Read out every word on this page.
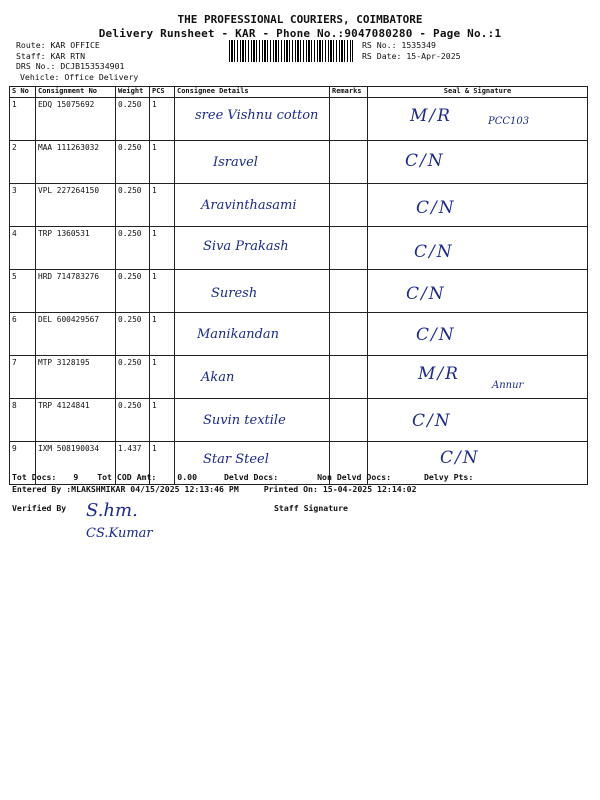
THE PROFESSIONAL COURIERS, COIMBATORE
Delivery Runsheet - KAR - Phone No.:9047080280 - Page No.:1
Route: KAR OFFICE
Staff: KAR RTN
DRS No.: DCJB153534901
Vehicle: Office Delivery
RS No.: 1535349
RS Date: 15-Apr-2025
S No	Consignment No	Weight	PCS	Consignee Details	Remarks	Seal & Signature
1	EDQ 15075692	0.250	1	sree Vishnu cotton		M/R PCC103

2	MAA 111263032	0.250	1	Isravel		C/N

3	VPL 227264150	0.250	1	Aravinthasami		C/N

4	TRP 1360531	0.250	1	Siva Prakash		C/N

5	HRD 714783276	0.250	1	Suresh		C/N

6	DEL 600429567	0.250	1	Manikandan		C/N

7	MTP 3128195	0.250	1	Akan		M/R
Annur

8	TRP 4124841	0.250	1	Suvin textile		C/N

9	IXM 508190034	1.437	1	Star Steel		C/N
Tot Docs: 9 Tot COD Amt:	0.00	Delvd Docs:	Non Delvd Docs:	Delvy Pts:
Entered By :MLAKSHMIKAR 04/15/2025 12:13:46 PM	Printed On: 15-04-2025 12:14:02
Verified By	Staff Signature
S.hm.
CS.Kumar
